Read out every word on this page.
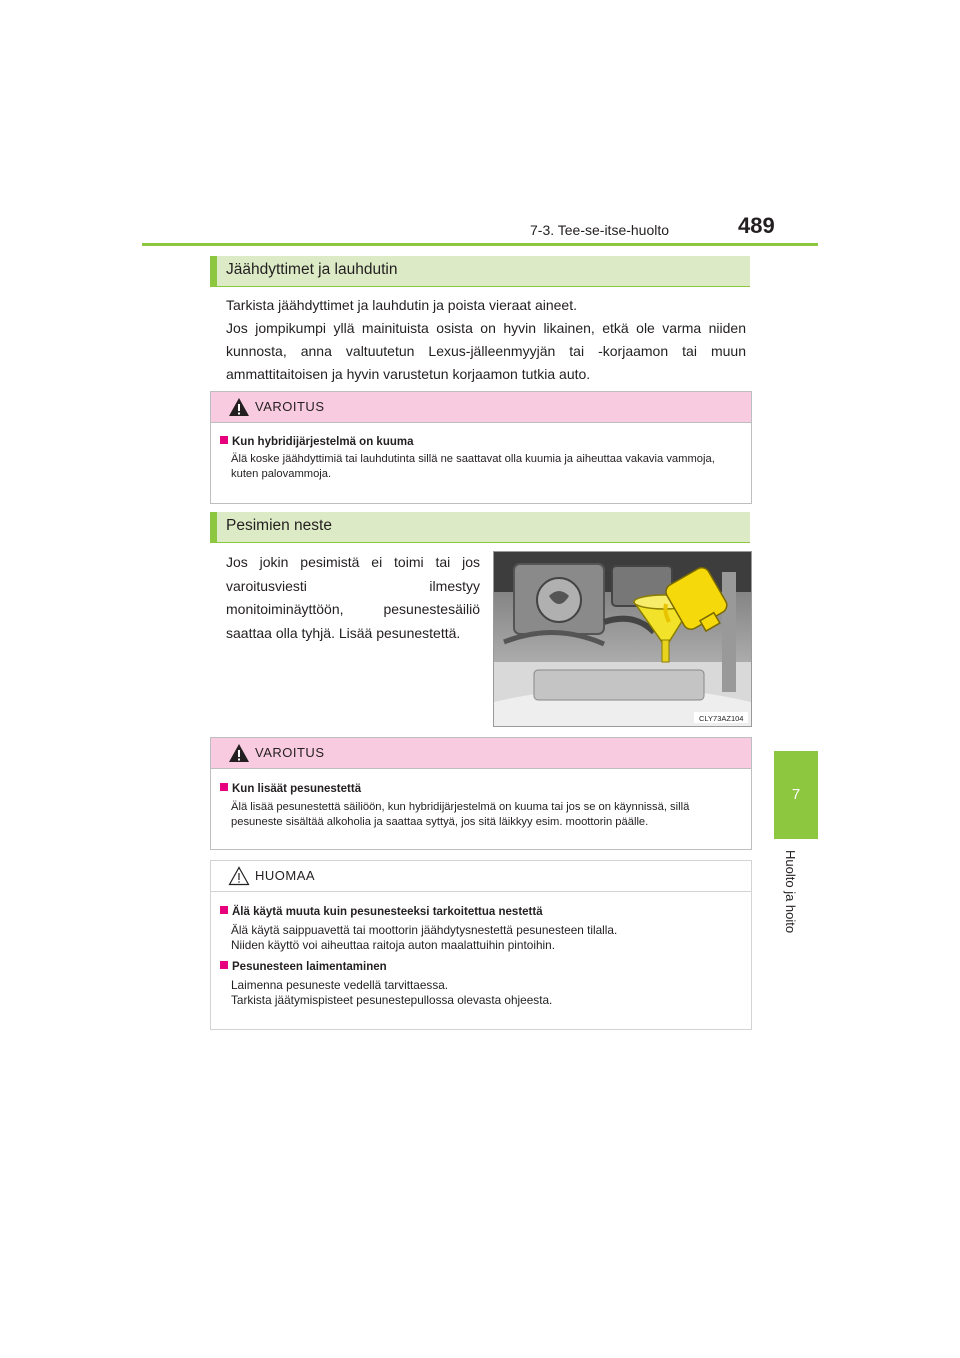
7-3. Tee-se-itse-huolto	489
7
Huolto ja hoito
Jäähdyttimet ja lauhdutin
Tarkista jäähdyttimet ja lauhdutin ja poista vieraat aineet.
Jos jompikumpi yllä mainituista osista on hyvin likainen, etkä ole varma niiden kunnosta, anna valtuutetun Lexus-jälleenmyyjän tai -korjaamon tai muun ammattitaitoisen ja hyvin varustetun korjaamon tutkia auto.
VAROITUS
Kun hybridijärjestelmä on kuuma
Älä koske jäähdyttimiä tai lauhdutinta sillä ne saattavat olla kuumia ja aiheuttaa vakavia vammoja, kuten palovammoja.
Pesimien neste
Jos jokin pesimistä ei toimi tai jos varoitusviesti ilmestyy monitoiminäyttöön, pesunestesäiliö saattaa olla tyhjä. Lisää pesunestettä.
CLY73AZ104
VAROITUS
Kun lisäät pesunestettä
Älä lisää pesunestettä säiliöön, kun hybridijärjestelmä on kuuma tai jos se on käynnissä, sillä pesuneste sisältää alkoholia ja saattaa syttyä, jos sitä läikkyy esim. moottorin päälle.
HUOMAA
Älä käytä muuta kuin pesunesteeksi tarkoitettua nestettä
Älä käytä saippuavettä tai moottorin jäähdytysnestettä pesunesteen tilalla.
Niiden käyttö voi aiheuttaa raitoja auton maalattuihin pintoihin.
Pesunesteen laimentaminen
Laimenna pesuneste vedellä tarvittaessa.
Tarkista jäätymispisteet pesunestepullossa olevasta ohjeesta.
